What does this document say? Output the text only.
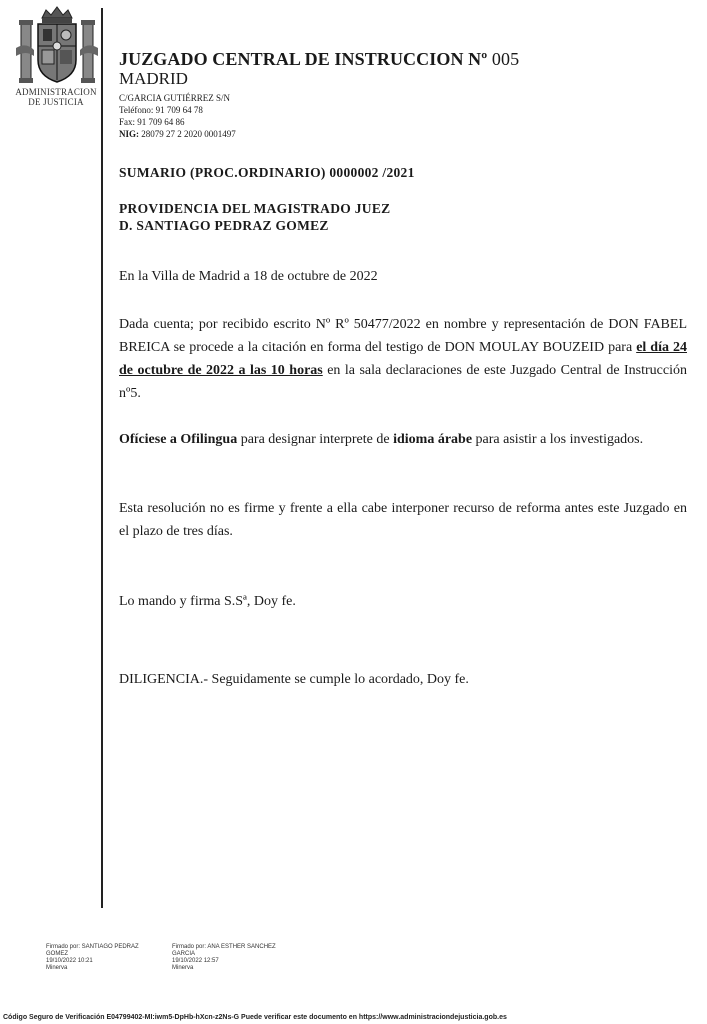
ADMINISTRACION
DE JUSTICIA
JUZGADO CENTRAL DE INSTRUCCION Nº 005
MADRID
C/GARCIA GUTIÉRREZ S/N
Teléfono: 91 709 64 78
Fax: 91 709 64 86
NIG: 28079 27 2 2020 0001497
SUMARIO (PROC.ORDINARIO) 0000002 /2021
PROVIDENCIA DEL MAGISTRADO JUEZ
D. SANTIAGO PEDRAZ GOMEZ
En la Villa de Madrid a 18 de octubre de 2022
Dada cuenta; por recibido escrito Nº Rº 50477/2022 en nombre y representación de DON FABEL BREICA se procede a la citación en forma del testigo de DON MOULAY BOUZEID para el día 24 de octubre de 2022 a las 10 horas en la sala declaraciones de este Juzgado Central de Instrucción nº5.
Ofíciese a Ofilingua para designar interprete de idioma árabe para asistir a los investigados.
Esta resolución no es firme y frente a ella cabe interponer recurso de reforma antes este Juzgado en el plazo de tres días.
Lo mando y firma S.Sª, Doy fe.
DILIGENCIA.- Seguidamente se cumple lo acordado, Doy fe.
Firmado por: SANTIAGO PEDRAZ
GOMEZ
19/10/2022 10:21
Minerva
Firmado por: ANA ESTHER SANCHEZ
GARCIA
19/10/2022 12:57
Minerva
Código Seguro de Verificación E04799402-MI:iwm5-DpHb-hXcn-z2Ns-G Puede verificar este documento en https://www.administraciondejusticia.gob.es
